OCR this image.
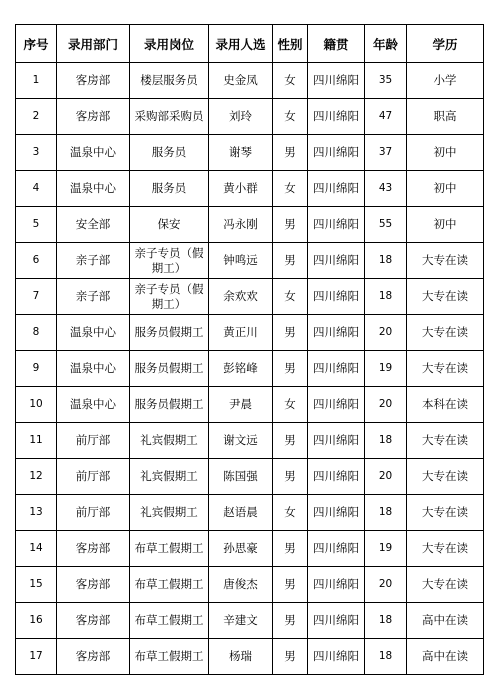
序号	录用部门	录用岗位	录用人选	性别	籍贯	年龄	学历
1	客房部	楼层服务员	史金凤	女	四川绵阳	35	小学
2	客房部	采购部采购员	刘玲	女	四川绵阳	47	职高
3	温泉中心	服务员	谢琴	男	四川绵阳	37	初中
4	温泉中心	服务员	黄小群	女	四川绵阳	43	初中
5	安全部	保安	冯永刚	男	四川绵阳	55	初中
6	亲子部	亲子专员（假期工）	钟鸣远	男	四川绵阳	18	大专在读
7	亲子部	亲子专员（假期工）	余欢欢	女	四川绵阳	18	大专在读
8	温泉中心	服务员假期工	黄正川	男	四川绵阳	20	大专在读
9	温泉中心	服务员假期工	彭铭峰	男	四川绵阳	19	大专在读
10	温泉中心	服务员假期工	尹晨	女	四川绵阳	20	本科在读
11	前厅部	礼宾假期工	谢文远	男	四川绵阳	18	大专在读
12	前厅部	礼宾假期工	陈国强	男	四川绵阳	20	大专在读
13	前厅部	礼宾假期工	赵语晨	女	四川绵阳	18	大专在读
14	客房部	布草工假期工	孙思豪	男	四川绵阳	19	大专在读
15	客房部	布草工假期工	唐俊杰	男	四川绵阳	20	大专在读
16	客房部	布草工假期工	辛建文	男	四川绵阳	18	高中在读
17	客房部	布草工假期工	杨瑞	男	四川绵阳	18	高中在读
